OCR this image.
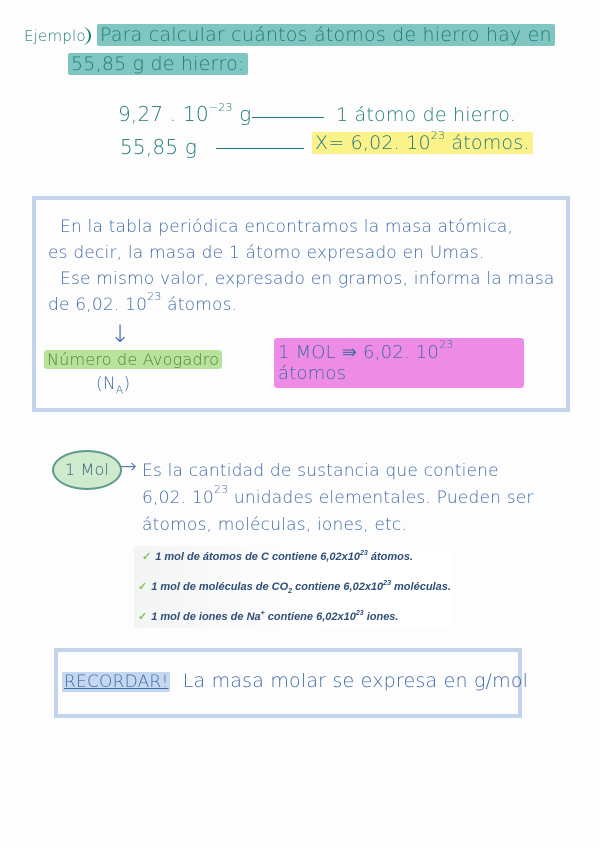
Ejemplo Para calcular cuántos átomos de hierro hay en
55,85 g de hierro:
9,27 . $10^{-23}$ g	1 átomo de hierro.
55,85 g	X= 6,02. $10^{23}$ átomos.
En la tabla periódica encontramos la masa atómica,
es decir, la masa de 1 átomo expresado en Umas.
Ese mismo valor, expresado en gramos, informa la masa
de 6,02. $10^{23}$ átomos.
↓
Número de Avogadro
$(N_A)$
1 MOL ⇛ 6,02. $10^{23}$ átomos
1 Mol → Es la cantidad de sustancia que contiene
6,02. $10^{23}$ unidades elementales. Pueden ser
átomos, moléculas, iones, etc.
✓ 1 mol de átomos de C contiene $6,02x10^{23}$ átomos.
✓ 1 mol de moléculas de $CO_2$ contiene $6,02x10^{23}$ moléculas.
✓ 1 mol de iones de Na+ contiene $6,02x10^{23}$ iones.
RECORDAR! La masa molar se expresa en g/mol
